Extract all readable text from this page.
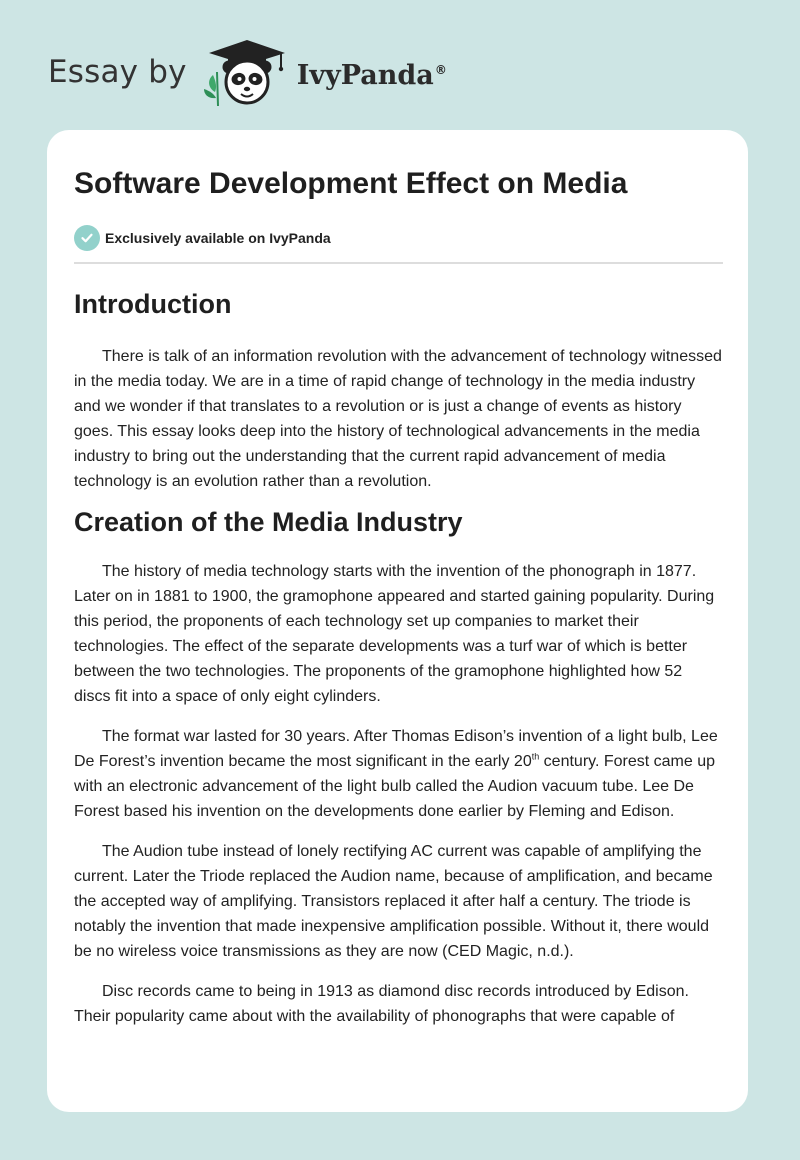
Essay by	IvyPanda®
Software Development Effect on Media
Exclusively available on IvyPanda
Introduction

There is talk of an information revolution with the advancement of technology witnessed in the media today. We are in a time of rapid change of technology in the media industry and we wonder if that translates to a revolution or is just a change of events as history goes. This essay looks deep into the history of technological advancements in the media industry to bring out the understanding that the current rapid advancement of media technology is an evolution rather than a revolution.

Creation of the Media Industry

The history of media technology starts with the invention of the phonograph in 1877. Later on in 1881 to 1900, the gramophone appeared and started gaining popularity. During this period, the proponents of each technology set up companies to market their technologies. The effect of the separate developments was a turf war of which is better between the two technologies. The proponents of the gramophone highlighted how 52 discs fit into a space of only eight cylinders.

The format war lasted for 30 years. After Thomas Edison’s invention of a light bulb, Lee De Forest’s invention became the most significant in the early 20th century. Forest came up with an electronic advancement of the light bulb called the Audion vacuum tube. Lee De Forest based his invention on the developments done earlier by Fleming and Edison.

The Audion tube instead of lonely rectifying AC current was capable of amplifying the current. Later the Triode replaced the Audion name, because of amplification, and became the accepted way of amplifying. Transistors replaced it after half a century. The triode is notably the invention that made inexpensive amplification possible. Without it, there would be no wireless voice transmissions as they are now (CED Magic, n.d.).

Disc records came to being in 1913 as diamond disc records introduced by Edison. Their popularity came about with the availability of phonographs that were capable of
